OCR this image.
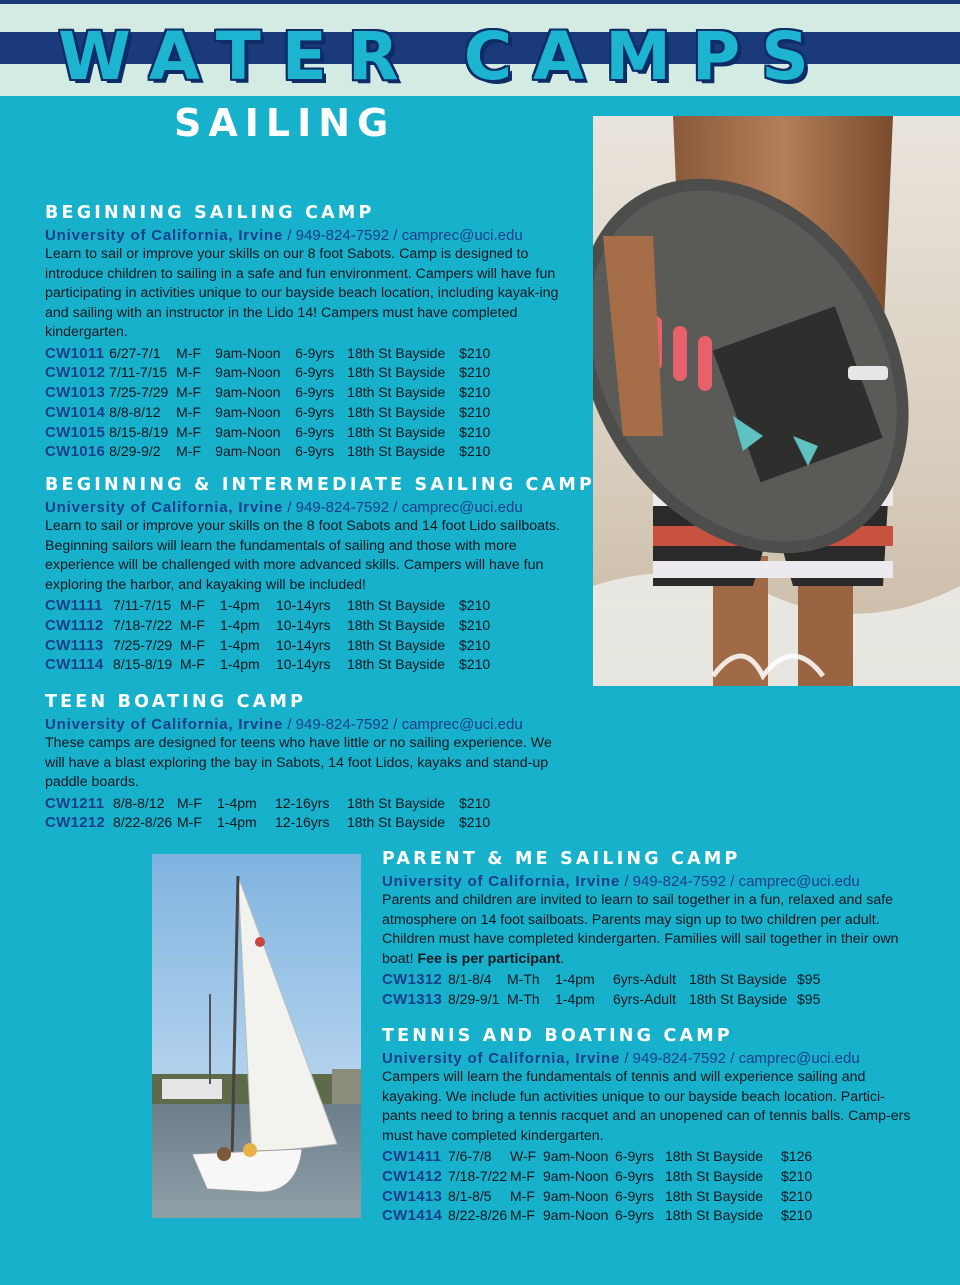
WATER CAMPS
SAILING
BEGINNING SAILING CAMP
University of California, Irvine / 949-824-7592 / camprec@uci.edu

Learn to sail or improve your skills on our 8 foot Sabots. Camp is designed to introduce children to sailing in a safe and fun environment. Campers will have fun participating in activities unique to our bayside beach location, including kayak-ing and sailing with an instructor in the Lido 14! Campers must have completed kindergarten.

CW1011	6/27-7/1	M-F	9am-Noon	6-9yrs	18th St Bayside	$210
CW1012	7/11-7/15	M-F	9am-Noon	6-9yrs	18th St Bayside	$210
CW1013	7/25-7/29	M-F	9am-Noon	6-9yrs	18th St Bayside	$210
CW1014	8/8-8/12	M-F	9am-Noon	6-9yrs	18th St Bayside	$210
CW1015	8/15-8/19	M-F	9am-Noon	6-9yrs	18th St Bayside	$210
CW1016	8/29-9/2	M-F	9am-Noon	6-9yrs	18th St Bayside	$210
BEGINNING & INTERMEDIATE SAILING CAMP
University of California, Irvine / 949-824-7592 / camprec@uci.edu

Learn to sail or improve your skills on the 8 foot Sabots and 14 foot Lido sailboats. Beginning sailors will learn the fundamentals of sailing and those with more experience will be challenged with more advanced skills. Campers will have fun exploring the harbor, and kayaking will be included!

CW1111	7/11-7/15	M-F	1-4pm	10-14yrs	18th St Bayside	$210
CW1112	7/18-7/22	M-F	1-4pm	10-14yrs	18th St Bayside	$210
CW1113	7/25-7/29	M-F	1-4pm	10-14yrs	18th St Bayside	$210
CW1114	8/15-8/19	M-F	1-4pm	10-14yrs	18th St Bayside	$210
TEEN BOATING CAMP
University of California, Irvine / 949-824-7592 / camprec@uci.edu

These camps are designed for teens who have little or no sailing experience. We will have a blast exploring the bay in Sabots, 14 foot Lidos, kayaks and stand-up paddle boards.

CW1211	8/8-8/12	M-F	1-4pm	12-16yrs	18th St Bayside	$210
CW1212	8/22-8/26	M-F	1-4pm	12-16yrs	18th St Bayside	$210
PARENT & ME SAILING CAMP
University of California, Irvine / 949-824-7592 / camprec@uci.edu

Parents and children are invited to learn to sail together in a fun, relaxed and safe atmosphere on 14 foot sailboats. Parents may sign up to two children per adult. Children must have completed kindergarten. Families will sail together in their own boat! Fee is per participant.

CW1312	8/1-8/4	M-Th	1-4pm	6yrs-Adult	18th St Bayside	$95
CW1313	8/29-9/1	M-Th	1-4pm	6yrs-Adult	18th St Bayside	$95
TENNIS AND BOATING CAMP
University of California, Irvine / 949-824-7592 / camprec@uci.edu

Campers will learn the fundamentals of tennis and will experience sailing and kayaking. We include fun activities unique to our bayside beach location. Partici-pants need to bring a tennis racquet and an unopened can of tennis balls. Camp-ers must have completed kindergarten.

CW1411	7/6-7/8	W-F	9am-Noon	6-9yrs	18th St Bayside	$126
CW1412	7/18-7/22	M-F	9am-Noon	6-9yrs	18th St Bayside	$210
CW1413	8/1-8/5	M-F	9am-Noon	6-9yrs	18th St Bayside	$210
CW1414	8/22-8/26	M-F	9am-Noon	6-9yrs	18th St Bayside	$210
